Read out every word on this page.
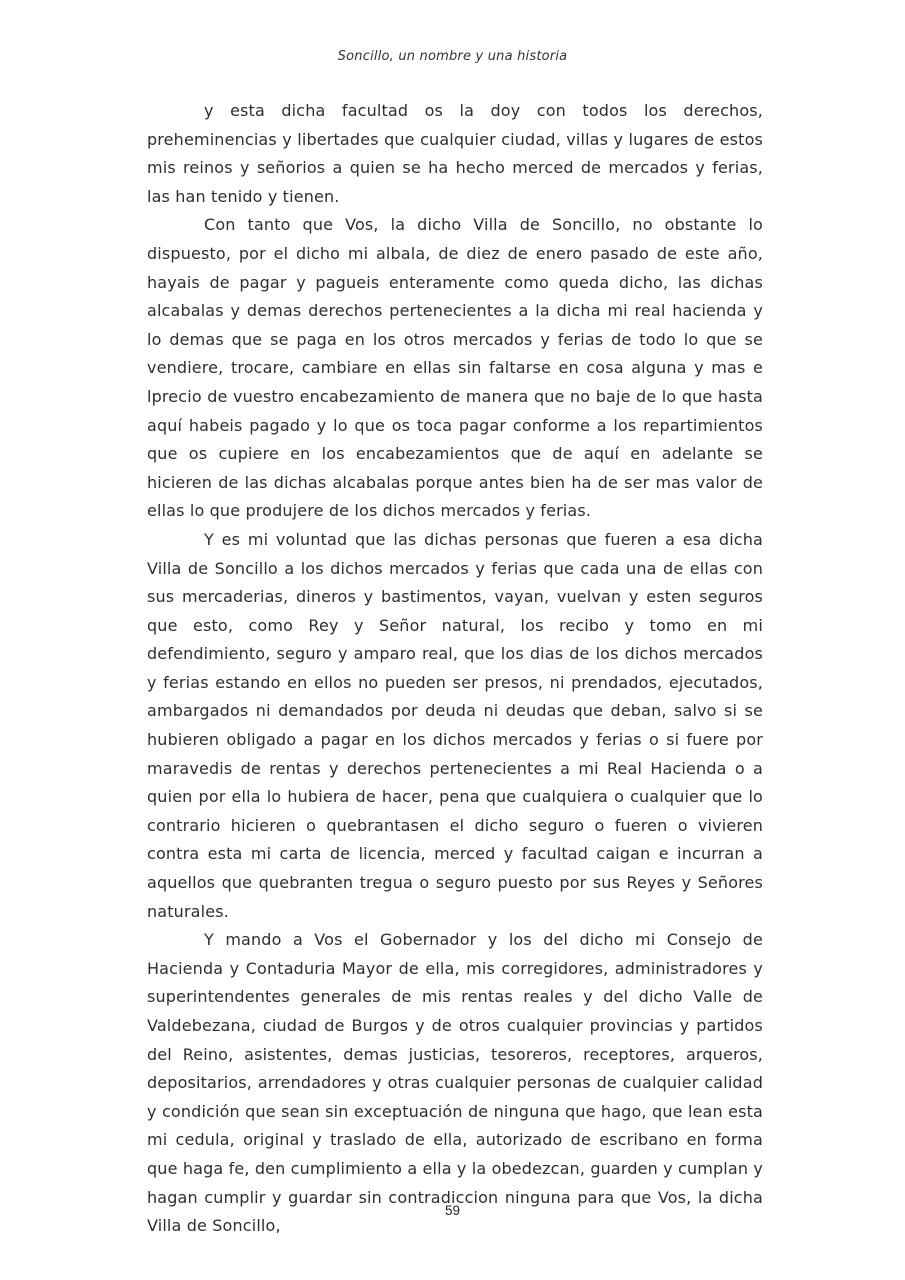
Soncillo, un nombre y una historia

y esta dicha facultad os la doy con todos los derechos, preheminencias y libertades que cualquier ciudad, villas y lugares de estos mis reinos y señorios a quien se ha hecho merced de mercados y ferias, las han tenido y tienen.

Con tanto que Vos, la dicho Villa de Soncillo, no obstante lo dispuesto, por el dicho mi albala, de diez de enero pasado de este año, hayais de pagar y pagueis enteramente como queda dicho, las dichas alcabalas y demas derechos pertenecientes a la dicha mi real hacienda y lo demas que se paga en los otros mercados y ferias de todo lo que se vendiere, trocare, cambiare en ellas sin faltarse en cosa alguna y mas e lprecio de vuestro encabezamiento de manera que no baje de lo que hasta aquí habeis pagado y lo que os toca pagar conforme a los repartimientos que os cupiere en los encabezamientos que de aquí en adelante se hicieren de las dichas alcabalas porque antes bien ha de ser mas valor de ellas lo que produjere de los dichos mercados y ferias.

Y es mi voluntad que las dichas personas que fueren a esa dicha Villa de Soncillo a los dichos mercados y ferias que cada una de ellas con sus mercaderias, dineros y bastimentos, vayan, vuelvan y esten seguros que esto, como Rey y Señor natural, los recibo y tomo en mi defendimiento, seguro y amparo real, que los dias de los dichos mercados y ferias estando en ellos no pueden ser presos, ni prendados, ejecutados, ambargados ni demandados por deuda ni deudas que deban, salvo si se hubieren obligado a pagar en los dichos mercados y ferias o si fuere por maravedis de rentas y derechos pertenecientes a mi Real Hacienda o a quien por ella lo hubiera de hacer, pena que cualquiera o cualquier que lo contrario hicieren o quebrantasen el dicho seguro o fueren o vivieren contra esta mi carta de licencia, merced y facultad caigan e incurran a aquellos que quebranten tregua o seguro puesto por sus Reyes y Señores naturales.

Y mando a Vos el Gobernador y los del dicho mi Consejo de Hacienda y Contaduria Mayor de ella, mis corregidores, administradores y superintendentes generales de mis rentas reales y del dicho Valle de Valdebezana, ciudad de Burgos y de otros cualquier provincias y partidos del Reino, asistentes, demas justicias, tesoreros, receptores, arqueros, depositarios, arrendadores y otras cualquier personas de cualquier calidad y condición que sean sin exceptuación de ninguna que hago, que lean esta mi cedula, original y traslado de ella, autorizado de escribano en forma que haga fe, den cumplimiento a ella y la obedezcan, guarden y cumplan y hagan cumplir y guardar sin contradiccion ninguna para que Vos, la dicha Villa de Soncillo,

59
